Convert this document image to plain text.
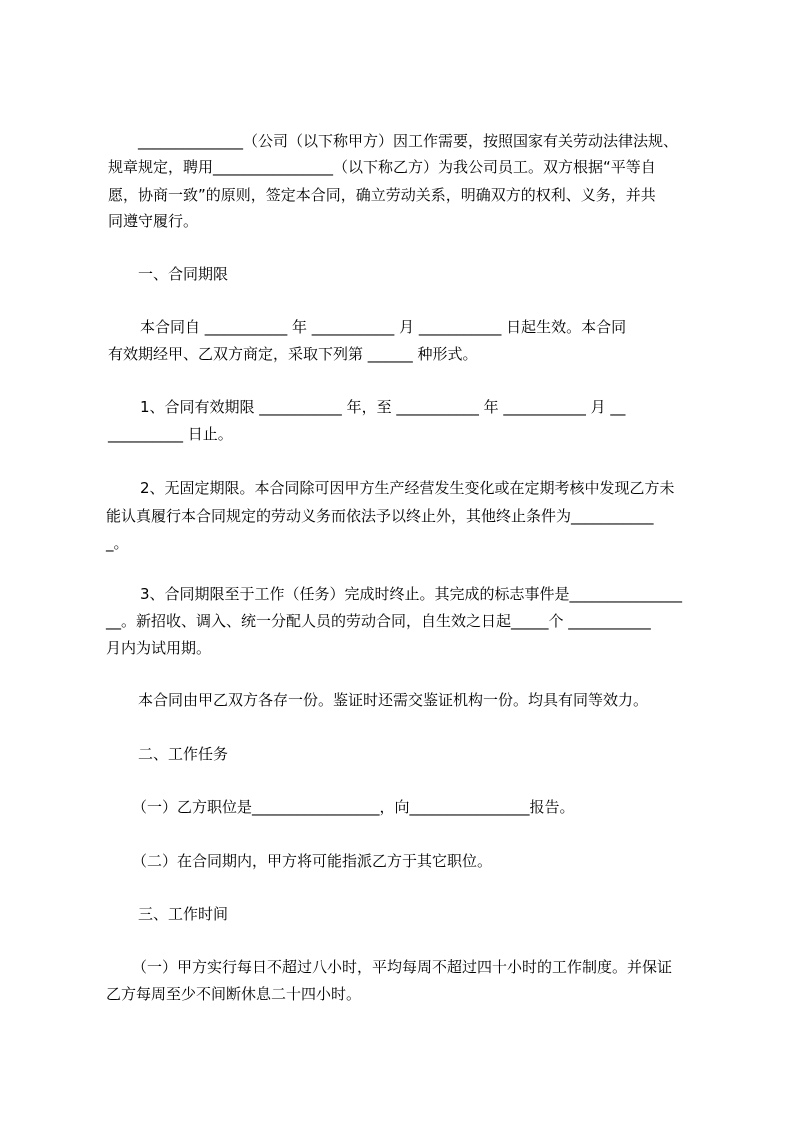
______________（公司（以下称甲方）因工作需要，按照国家有关劳动法律法规、
规章规定，聘用________________（以下称乙方）为我公司员工。双方根据“平等自
愿，协商一致”的原则，签定本合同，确立劳动关系，明确双方的权利、义务，并共
同遵守履行。
一、合同期限
本合同自 ___________ 年 ___________ 月 ___________ 日起生效。本合同
有效期经甲、乙双方商定，采取下列第 ______ 种形式。
1、合同有效期限 ___________ 年，至 ___________ 年 ___________ 月 __
__________ 日止。
2、无固定期限。本合同除可因甲方生产经营发生变化或在定期考核中发现乙方未
能认真履行本合同规定的劳动义务而依法予以终止外，其他终止条件为___________
_。
3、合同期限至于工作（任务）完成时终止。其完成的标志事件是_______________
__。新招收、调入、统一分配人员的劳动合同，自生效之日起_____个 ___________
月内为试用期。
本合同由甲乙双方各存一份。鉴证时还需交鉴证机构一份。均具有同等效力。
二、工作任务
（一）乙方职位是_________________，向________________报告。
（二）在合同期内，甲方将可能指派乙方于其它职位。
三、工作时间
（一）甲方实行每日不超过八小时，平均每周不超过四十小时的工作制度。并保证
乙方每周至少不间断休息二十四小时。
